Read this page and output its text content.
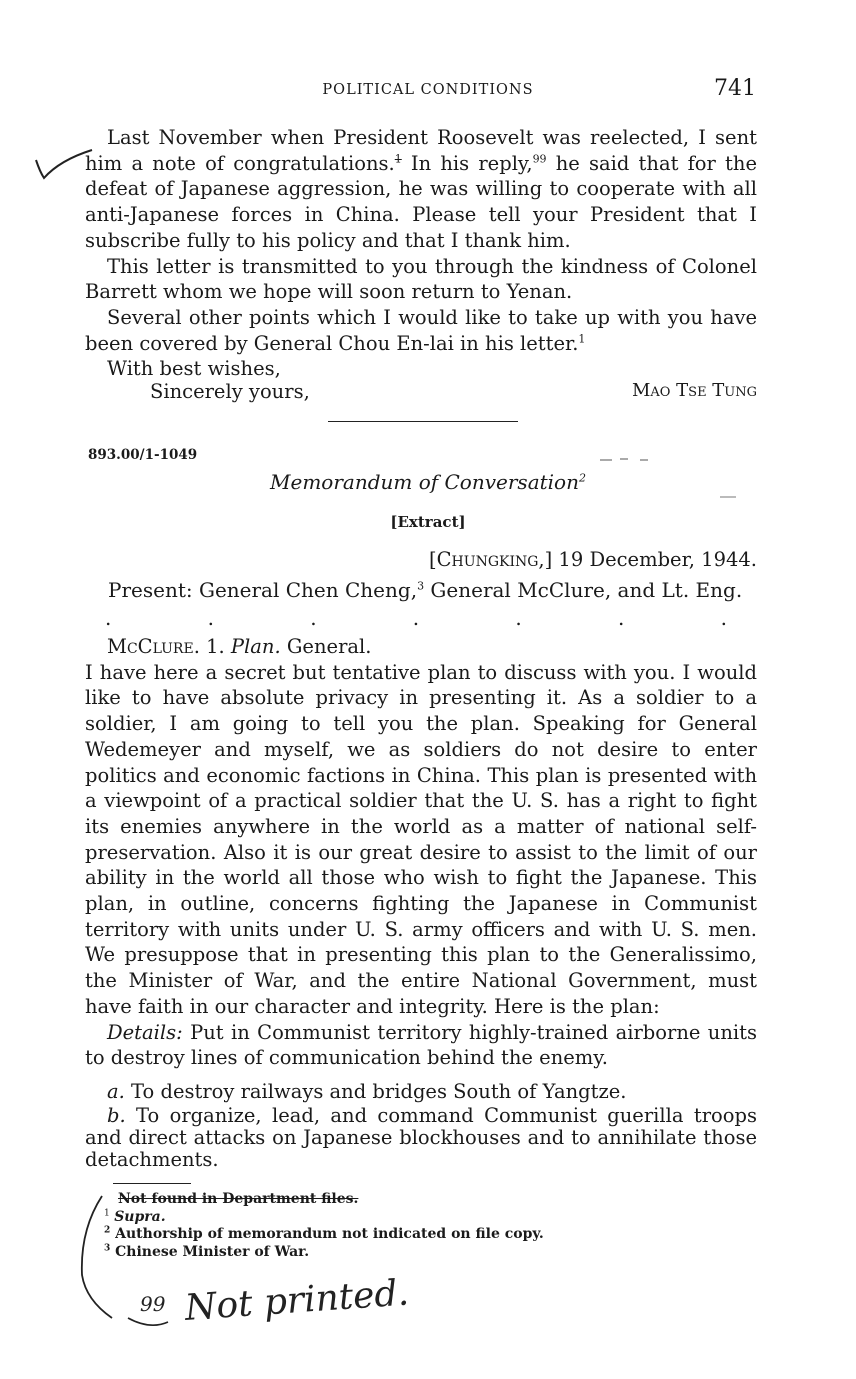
POLITICAL CONDITIONS	741

Last November when President Roosevelt was reelected, I sent him a note of congratulations.$^1$ In his reply,$^{99}$ he said that for the defeat of Japanese aggression, he was willing to cooperate with all anti-Japanese forces in China. Please tell your President that I subscribe fully to his policy and that I thank him.

This letter is transmitted to you through the kindness of Colonel Barrett whom we hope will soon return to Yenan.

Several other points which I would like to take up with you have been covered by General Chou En-lai in his letter.$^1$

With best wishes,

Sincerely yours,	Mao Tse Tung
893.00/1-1049
Memorandum of Conversation$^2$
[Extract]
[Chungking,] 19 December, 1944.
Present: General Chen Cheng,$^3$ General McClure, and Lt. Eng.
.	.	.	.	.	.	.

McClure. 1. Plan. General.

I have here a secret but tentative plan to discuss with you. I would like to have absolute privacy in presenting it. As a soldier to a soldier, I am going to tell you the plan. Speaking for General Wedemeyer and myself, we as soldiers do not desire to enter politics and economic factions in China. This plan is presented with a viewpoint of a practical soldier that the U. S. has a right to fight its enemies anywhere in the world as a matter of national self-preservation. Also it is our great desire to assist to the limit of our ability in the world all those who wish to fight the Japanese. This plan, in outline, concerns fighting the Japanese in Communist territory with units under U. S. army officers and with U. S. men. We presuppose that in presenting this plan to the Generalissimo, the Minister of War, and the entire National Government, must have faith in our character and integrity. Here is the plan:

Details: Put in Communist territory highly-trained airborne units to destroy lines of communication behind the enemy.

a. To destroy railways and bridges South of Yangtze.

b. To organize, lead, and command Communist guerilla troops and direct attacks on Japanese blockhouses and to annihilate those detachments.

Not found in Department files.

$^1$ Supra.

$^2$ Authorship of memorandum not indicated on file copy.

$^3$ Chinese Minister of War.

99 Not printed.
